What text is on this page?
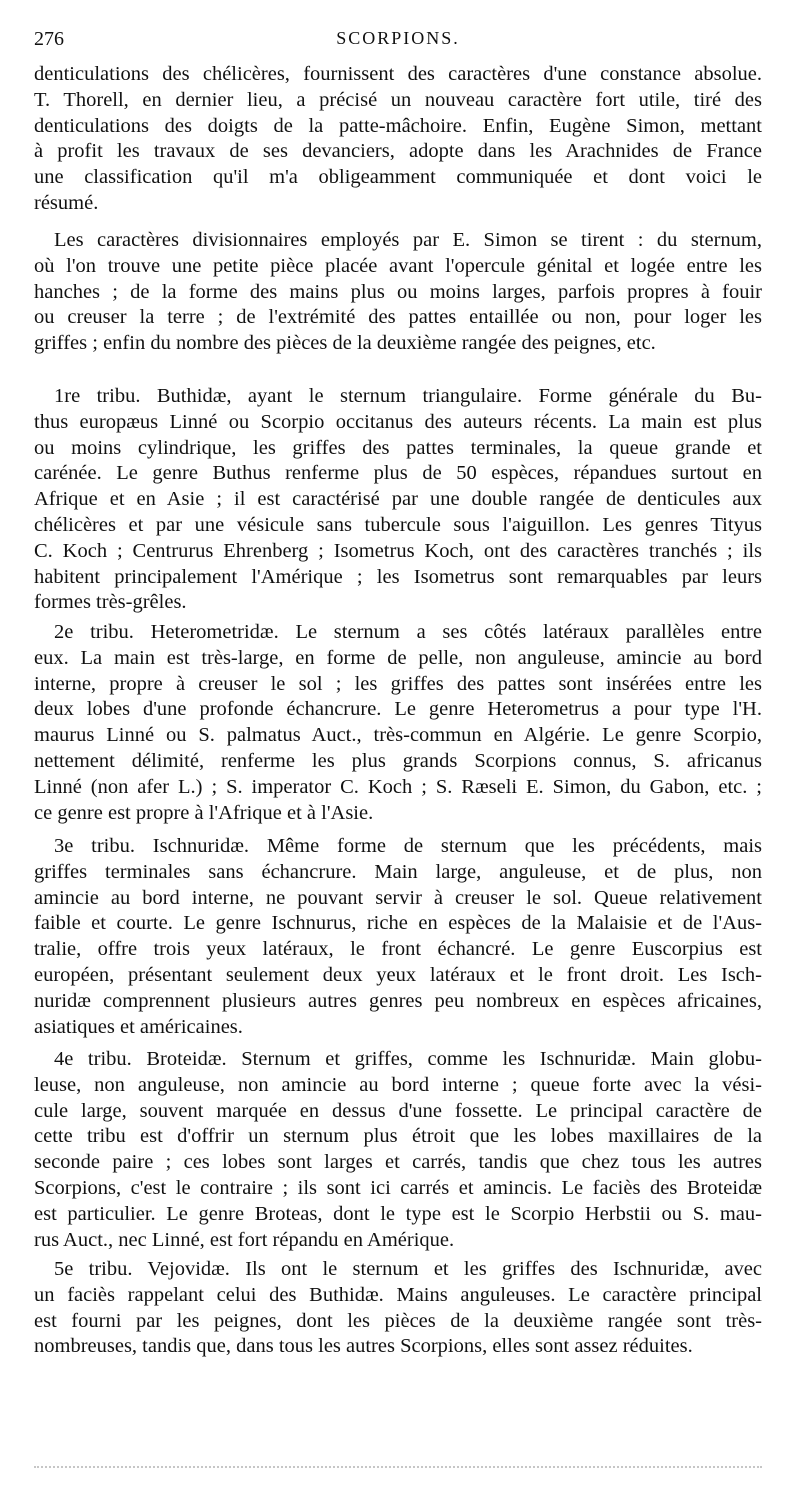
276	SCORPIONS.
denticulations des chélicères, fournissent des caractères d'une constance absolue.
T. Thorell, en dernier lieu, a précisé un nouveau caractère fort utile, tiré des
denticulations des doigts de la patte-mâchoire. Enfin, Eugène Simon, mettant
à profit les travaux de ses devanciers, adopte dans les Arachnides de France
une classification qu'il m'a obligeamment communiquée et dont voici le
résumé.
Les caractères divisionnaires employés par E. Simon se tirent : du sternum,
où l'on trouve une petite pièce placée avant l'opercule génital et logée entre les
hanches ; de la forme des mains plus ou moins larges, parfois propres à fouir
ou creuser la terre ; de l'extrémité des pattes entaillée ou non, pour loger les
griffes ; enfin du nombre des pièces de la deuxième rangée des peignes, etc.
1re tribu. Buthidæ, ayant le sternum triangulaire. Forme générale du Bu-
thus europæus Linné ou Scorpio occitanus des auteurs récents. La main est plus
ou moins cylindrique, les griffes des pattes terminales, la queue grande et
carénée. Le genre Buthus renferme plus de 50 espèces, répandues surtout en
Afrique et en Asie ; il est caractérisé par une double rangée de denticules aux
chélicères et par une vésicule sans tubercule sous l'aiguillon. Les genres Tityus
C. Koch ; Centrurus Ehrenberg ; Isometrus Koch, ont des caractères tranchés ; ils
habitent principalement l'Amérique ; les Isometrus sont remarquables par leurs
formes très-grêles.
2e tribu. Heterometridæ. Le sternum a ses côtés latéraux parallèles entre
eux. La main est très-large, en forme de pelle, non anguleuse, amincie au bord
interne, propre à creuser le sol ; les griffes des pattes sont insérées entre les
deux lobes d'une profonde échancrure. Le genre Heterometrus a pour type l'H.
maurus Linné ou S. palmatus Auct., très-commun en Algérie. Le genre Scorpio,
nettement délimité, renferme les plus grands Scorpions connus, S. africanus
Linné (non afer L.) ; S. imperator C. Koch ; S. Ræseli E. Simon, du Gabon, etc. ;
ce genre est propre à l'Afrique et à l'Asie.
3e tribu. Ischnuridæ. Même forme de sternum que les précédents, mais
griffes terminales sans échancrure. Main large, anguleuse, et de plus, non
amincie au bord interne, ne pouvant servir à creuser le sol. Queue relativement
faible et courte. Le genre Ischnurus, riche en espèces de la Malaisie et de l'Aus-
tralie, offre trois yeux latéraux, le front échancré. Le genre Euscorpius est
européen, présentant seulement deux yeux latéraux et le front droit. Les Isch-
nuridæ comprennent plusieurs autres genres peu nombreux en espèces africaines,
asiatiques et américaines.
4e tribu. Broteidæ. Sternum et griffes, comme les Ischnuridæ. Main globu-
leuse, non anguleuse, non amincie au bord interne ; queue forte avec la vési-
cule large, souvent marquée en dessus d'une fossette. Le principal caractère de
cette tribu est d'offrir un sternum plus étroit que les lobes maxillaires de la
seconde paire ; ces lobes sont larges et carrés, tandis que chez tous les autres
Scorpions, c'est le contraire ; ils sont ici carrés et amincis. Le faciès des Broteidæ
est particulier. Le genre Broteas, dont le type est le Scorpio Herbstii ou S. mau-
rus Auct., nec Linné, est fort répandu en Amérique.
5e tribu. Vejovidæ. Ils ont le sternum et les griffes des Ischnuridæ, avec
un faciès rappelant celui des Buthidæ. Mains anguleuses. Le caractère principal
est fourni par les peignes, dont les pièces de la deuxième rangée sont très-
nombreuses, tandis que, dans tous les autres Scorpions, elles sont assez réduites.
